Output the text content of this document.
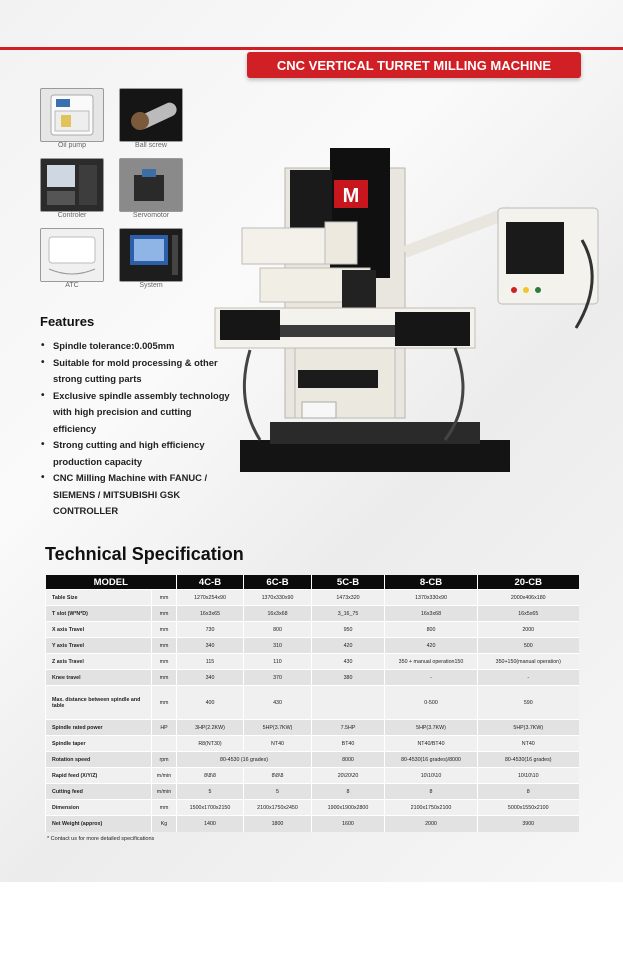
CNC VERTICAL TURRET MILLING MACHINE
Oil pump	Ball screw
Controler	Servomotor
ATC	System
M
Features
• Spindle tolerance:0.005mm
• Suitable for mold processing & other strong cutting parts
• Exclusive spindle assembly technology with high precision and cutting efficiency
• Strong cutting and high efficiency production capacity
• CNC Milling Machine with FANUC / SIEMENS / MITSUBISHI GSK CONTROLLER
Technical Specification
MODEL		4C-B	6C-B	5C-B	8-CB	20-CB
Table Size	mm	1270x254x90	1370x330x90	1473x320	1370x330x90	2000x406x180
T slot (W*N*D)	mm	16x3x65	16x3x68	3_16_75	16x3x68	16x5x65
X axis Travel	mm	730	800	950	800	2000
Y axis Travel	mm	340	310	420	420	500
Z axis Travel	mm	115	110	430	350 + manual operation150	350+150(manual operation)
Knee travel	mm	340	370	380	-	-
Max. distance between spindle and table	mm	400	430		0-500	590
Spindle rated power	HP	3HP(2.2KW)	5HP(3.7KW)	7.5HP	5HP(3.7KW)	5HP(3.7KW)
Spindle taper		R8(NT30)	NT40	BT40	NT40/BT40	NT40
Rotation speed	rpm	80-4530 (16 grades)		8000	80-4530(16 grades)/8000	80-4530(16 grades)
Rapid feed (X/Y/Z)	m/min	8\8\8	8\8\8	20\20\20	10\10\10	10\10\10
Cutting feed	m/min	5	5	8	8	8
Dimension	mm	1500x1700x2150	2100x1750x2450	1900x1900x2800	2100x1750x2100	5000x1550x2100
Net Weight (approx)	Kg	1400	1800	1600	2000	3900
* Contact us for more detailed specifications
